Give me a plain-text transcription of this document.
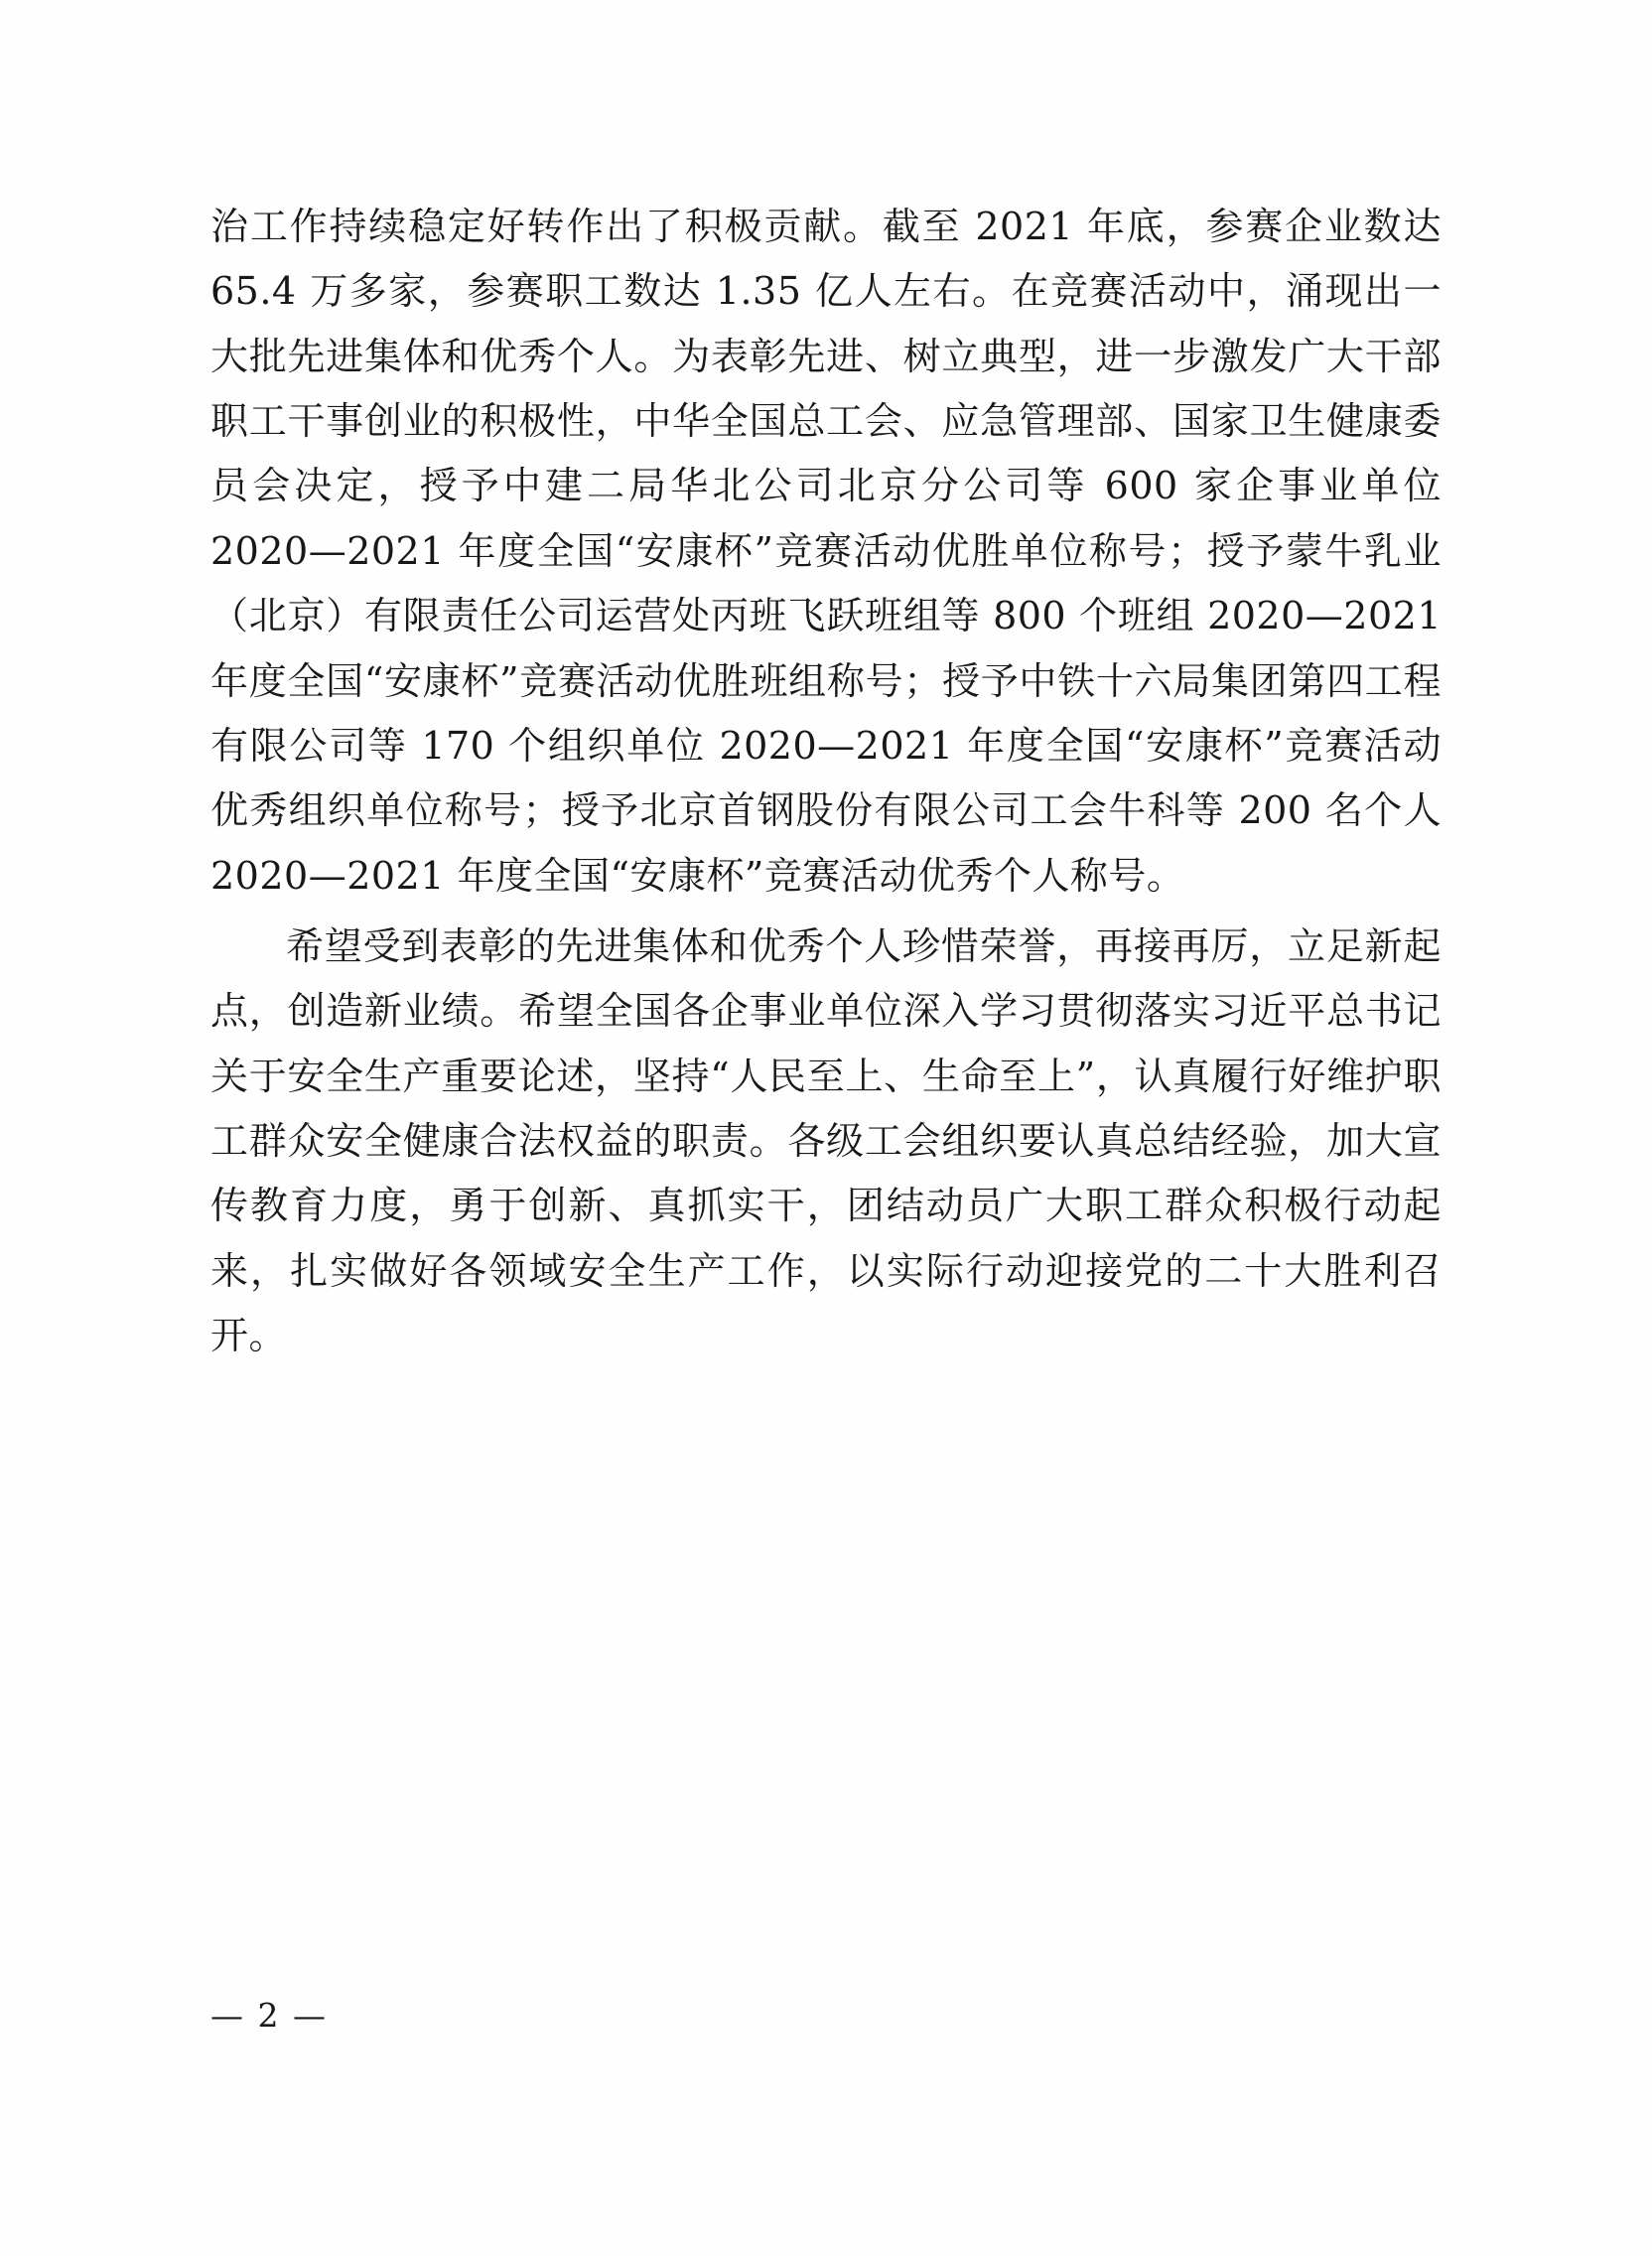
治工作持续稳定好转作出了积极贡献。截至 2021 年底，参赛企业数达 65.4 万多家，参赛职工数达 1.35 亿人左右。在竞赛活动中，涌现出一大批先进集体和优秀个人。为表彰先进、树立典型，进一步激发广大干部职工干事创业的积极性，中华全国总工会、应急管理部、国家卫生健康委员会决定，授予中建二局华北公司北京分公司等 600 家企事业单位 2020—2021 年度全国“安康杯”竞赛活动优胜单位称号；授予蒙牛乳业（北京）有限责任公司运营处丙班飞跃班组等 800 个班组 2020—2021 年度全国“安康杯”竞赛活动优胜班组称号；授予中铁十六局集团第四工程有限公司等 170 个组织单位 2020—2021 年度全国“安康杯”竞赛活动优秀组织单位称号；授予北京首钢股份有限公司工会牛科等 200 名个人 2020—2021 年度全国“安康杯”竞赛活动优秀个人称号。

希望受到表彰的先进集体和优秀个人珍惜荣誉，再接再厉，立足新起点，创造新业绩。希望全国各企事业单位深入学习贯彻落实习近平总书记关于安全生产重要论述，坚持“人民至上、生命至上”，认真履行好维护职工群众安全健康合法权益的职责。各级工会组织要认真总结经验，加大宣传教育力度，勇于创新、真抓实干，团结动员广大职工群众积极行动起来，扎实做好各领域安全生产工作，以实际行动迎接党的二十大胜利召开。

— 2 —
